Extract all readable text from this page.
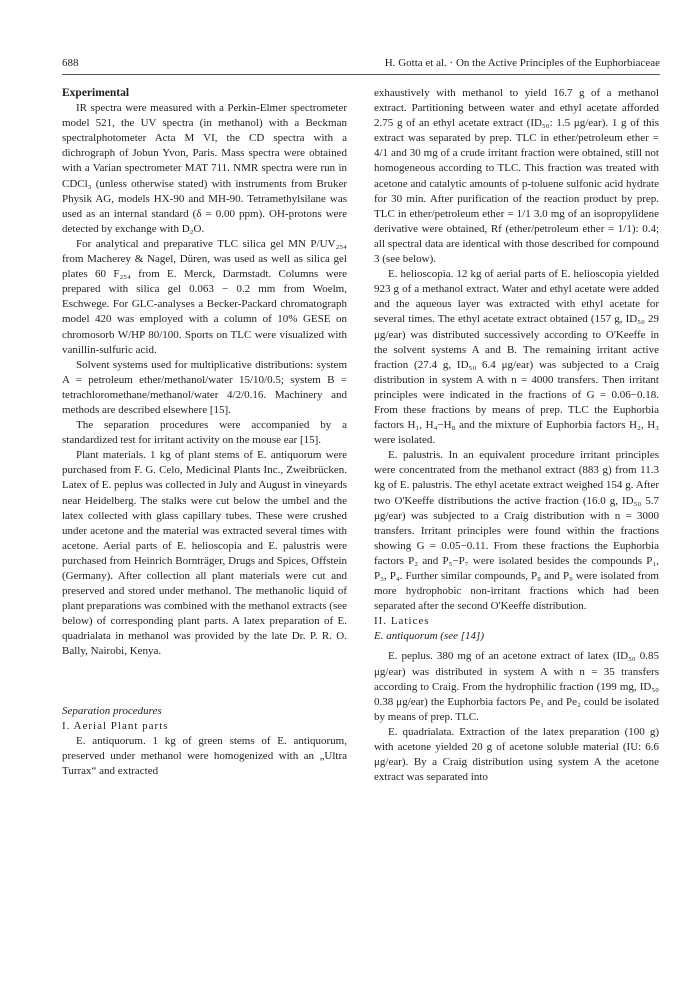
688	H. Gotta et al. · On the Active Principles of the Euphorbiaceae

Experimental

IR spectra were measured with a Perkin-Elmer spectrometer model 521, the UV spectra (in methanol) with a Beckman spectralphotometer Acta M VI, the CD spectra with a dichrograph of Jobun Yvon, Paris. Mass spectra were obtained with a Varian spectrometer MAT 711. NMR spectra were run in CDCl₃ (unless otherwise stated) with instruments from Bruker Physik AG, models HX-90 and MH-90. Tetramethylsilane was used as an internal standard (δ = 0.00 ppm). OH-protons were detected by exchange with D₂O.

For analytical and preparative TLC silica gel MN P/UV₂₅₄ from Macherey & Nagel, Düren, was used as well as silica gel plates 60 F₂₅₄ from E. Merck, Darmstadt. Columns were prepared with silica gel 0.063 − 0.2 mm from Woelm, Eschwege. For GLC-analyses a Becker-Packard chromatograph model 420 was employed with a column of 10% GESE on chromosorb W/HP 80/100. Sports on TLC were visualized with vanillin-sulfuric acid.

Solvent systems used for multiplicative distributions: system A = petroleum ether/methanol/water 15/10/0.5; system B = tetrachloromethane/methanol/water 4/2/0.16. Machinery and methods are described elsewhere [15].

The separation procedures were accompanied by a standardized test for irritant activity on the mouse ear [15].

Plant materials. 1 kg of plant stems of E. antiquorum were purchased from F. G. Celo, Medicinal Plants Inc., Zweibrücken. Latex of E. peplus was collected in July and August in vineyards near Heidelberg. The stalks were cut below the umbel and the latex collected with glass capillary tubes. These were crushed under acetone and the material was extracted several times with acetone. Aerial parts of E. helioscopia and E. palustris were purchased from Heinrich Bornträger, Drugs and Spices, Offstein (Germany). After collection all plant materials were cut and preserved and stored under methanol. The methanolic liquid of plant preparations was combined with the methanol extracts (see below) of corresponding plant parts. A latex preparation of E. quadrialata in methanol was provided by the late Dr. P. R. O. Bally, Nairobi, Kenya.

Separation procedures

I. Aerial Plant parts

E. antiquorum. 1 kg of green stems of E. antiquorum, preserved under methanol were homogenized with an „Ultra Turrax“ and extracted

exhaustively with methanol to yield 16.7 g of a methanol extract. Partitioning between water and ethyl acetate afforded 2.75 g of an ethyl acetate extract (ID₅₀: 1.5 μg/ear). 1 g of this extract was separated by prep. TLC in ether/petroleum ether = 4/1 and 30 mg of a crude irritant fraction were obtained, still not homogeneous according to TLC. This fraction was treated with acetone and catalytic amounts of p-toluene sulfonic acid hydrate for 30 min. After purification of the reaction product by prep. TLC in ether/petroleum ether = 1/1 3.0 mg of an isopropylidene derivative were obtained, Rf (ether/petroleum ether = 1/1): 0.4; all spectral data are identical with those described for compound 3 (see below).

E. helioscopia. 12 kg of aerial parts of E. helioscopia yielded 923 g of a methanol extract. Water and ethyl acetate were added and the aqueous layer was extracted with ethyl acetate for several times. The ethyl acetate extract obtained (157 g, ID₅₀ 29 μg/ear) was distributed successively according to O'Keeffe in the solvent systems A and B. The remaining irritant active fraction (27.4 g, ID₅₀ 6.4 μg/ear) was subjected to a Craig distribution in system A with n = 4000 transfers. Then irritant principles were indicated in the fractions of G = 0.06−0.18. From these fractions by means of prep. TLC the Euphorbia factors H₁, H₄−H₈ and the mixture of Euphorbia factors H₂, H₃ were isolated.

E. palustris. In an equivalent procedure irritant principles were concentrated from the methanol extract (883 g) from 11.3 kg of E. palustris. The ethyl acetate extract weighed 154 g. After two O'Keeffe distributions the active fraction (16.0 g, ID₅₀ 5.7 μg/ear) was subjected to a Craig distribution with n = 3000 transfers. Irritant principles were found within the fractions showing G = 0.05−0.11. From these fractions the Euphorbia factors P₂ and P₅−P₇ were isolated besides the compounds P₁, P₃, P₄. Further similar compounds, P₈ and P₉ were isolated from more hydrophobic non-irritant fractions which had been separated after the second O'Keeffe distribution.

II. Latices

E. antiquorum (see [14])

E. peplus. 380 mg of an acetone extract of latex (ID₅₀ 0.85 μg/ear) was distributed in system A with n = 35 transfers according to Craig. From the hydrophilic fraction (199 mg, ID₅₀ 0.38 μg/ear) the Euphorbia factors Pe₁ and Pe₂ could be isolated by means of prep. TLC.

E. quadrialata. Extraction of the latex preparation (100 g) with acetone yielded 20 g of acetone soluble material (IU: 6.6 μg/ear). By a Craig distribution using system A the acetone extract was separated into
